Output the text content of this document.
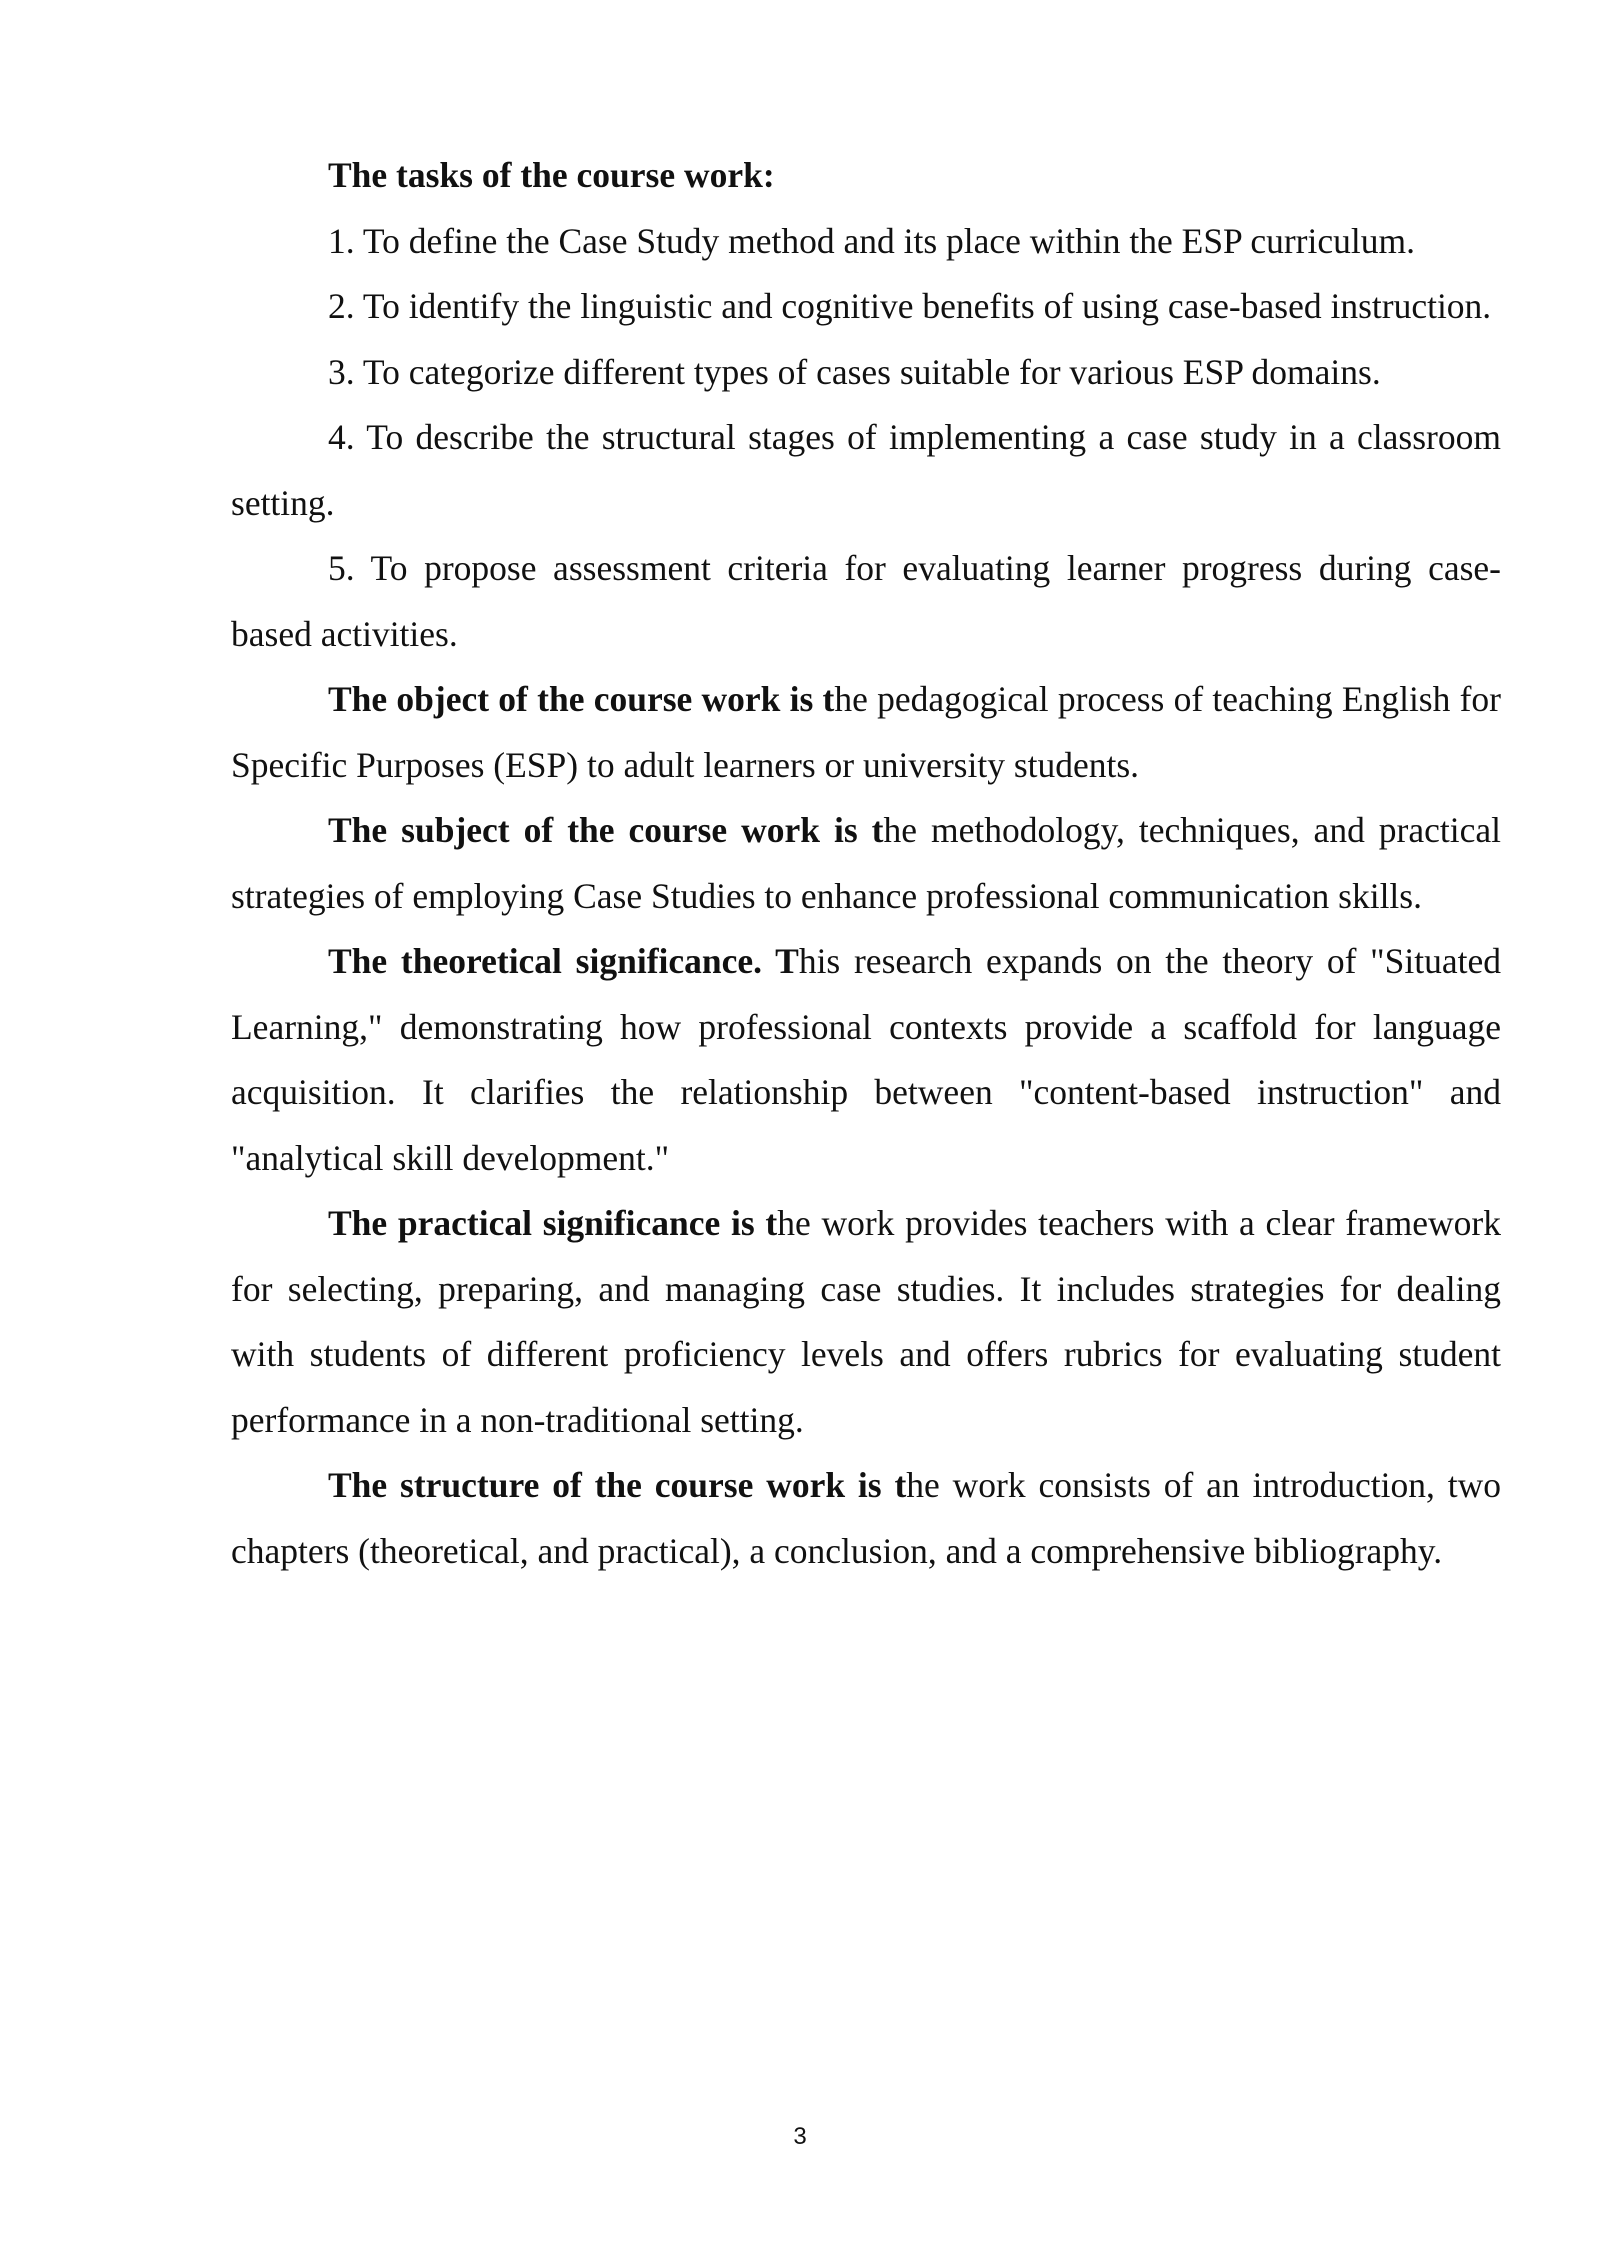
The tasks of the course work:

1. To define the Case Study method and its place within the ESP curriculum.

2. To identify the linguistic and cognitive benefits of using case-based instruction.

3. To categorize different types of cases suitable for various ESP domains.

4. To describe the structural stages of implementing a case study in a classroom setting.

5. To propose assessment criteria for evaluating learner progress during case-based activities.

The object of the course work is the pedagogical process of teaching English for Specific Purposes (ESP) to adult learners or university students.

The subject of the course work is the methodology, techniques, and practical strategies of employing Case Studies to enhance professional communication skills.

The theoretical significance. This research expands on the theory of "Situated Learning," demonstrating how professional contexts provide a scaffold for language acquisition. It clarifies the relationship between "content-based instruction" and "analytical skill development."

The practical significance is the work provides teachers with a clear framework for selecting, preparing, and managing case studies. It includes strategies for dealing with students of different proficiency levels and offers rubrics for evaluating student performance in a non-traditional setting.

The structure of the course work is the work consists of an introduction, two chapters (theoretical, and practical), a conclusion, and a comprehensive bibliography.

3
